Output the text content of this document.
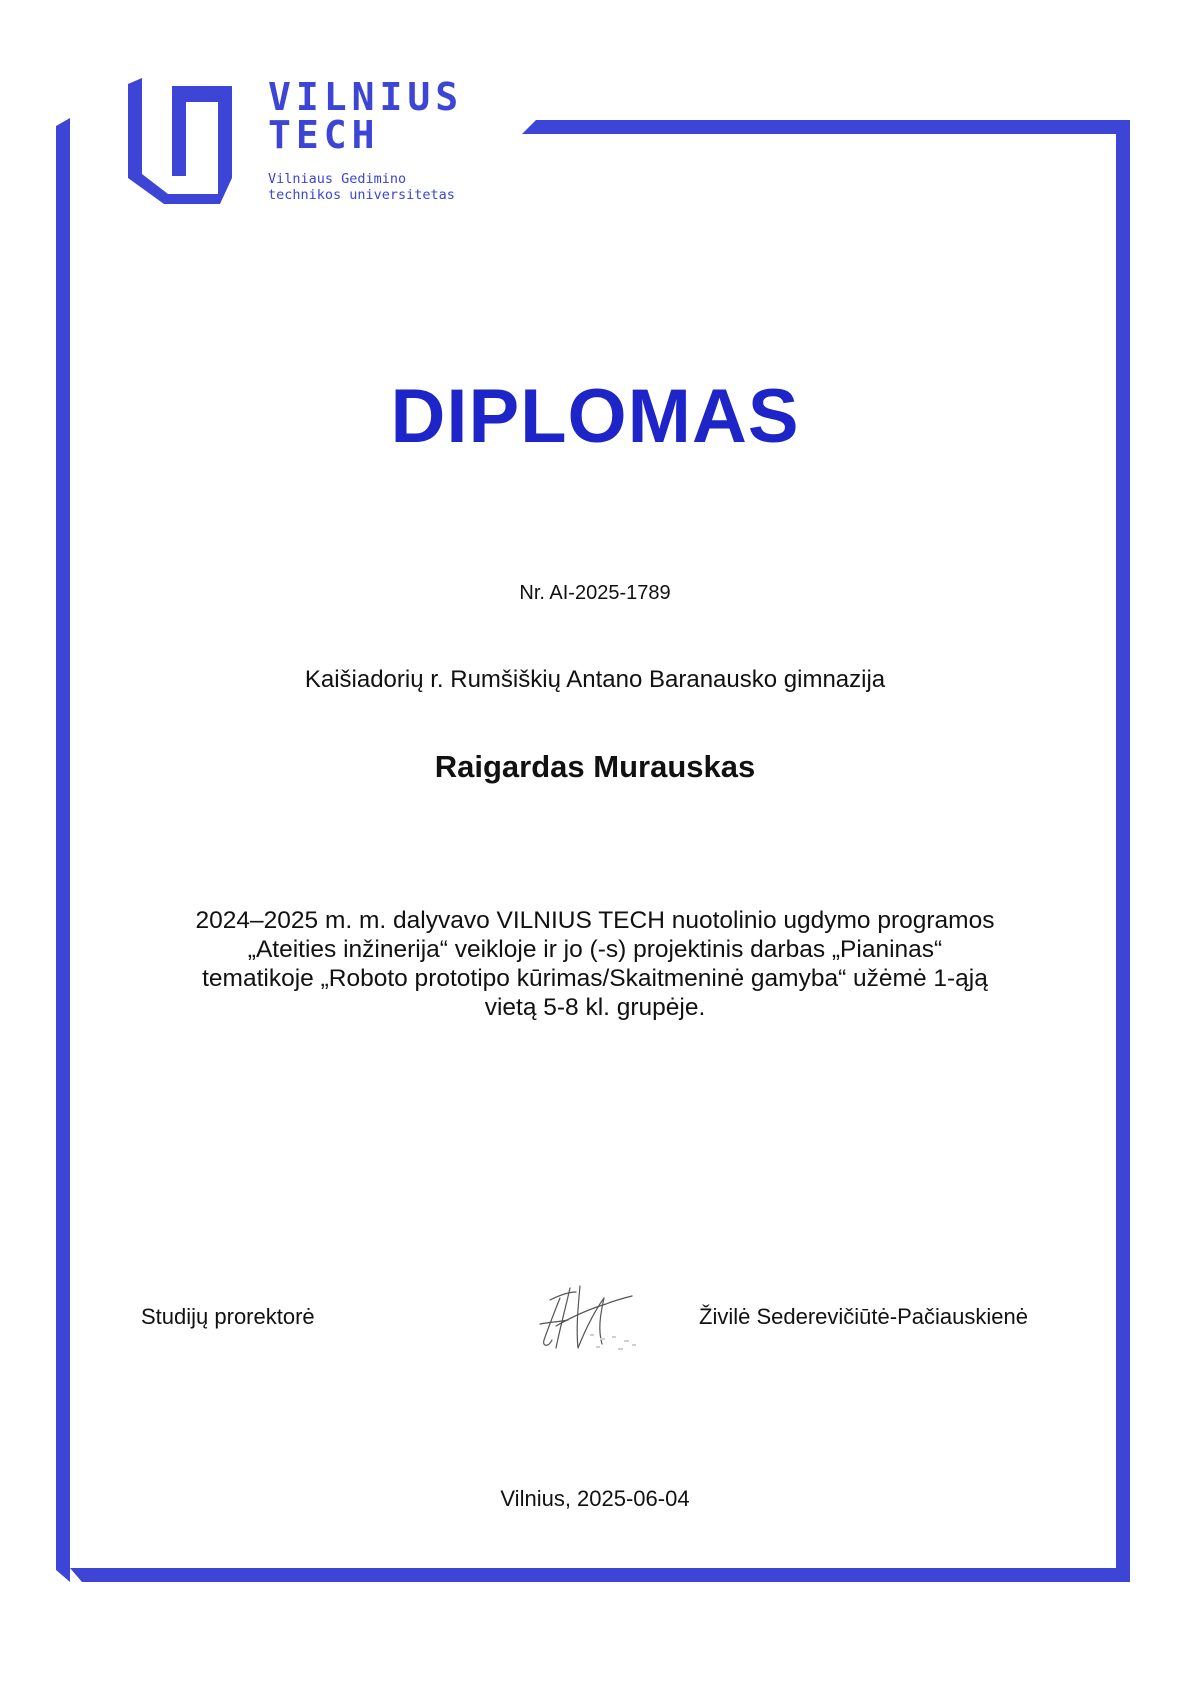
VILNIUS
TECH
Vilniaus Gedimino
technikos universitetas
DIPLOMAS
Nr. AI-2025-1789
Kaišiadorių r. Rumšiškių Antano Baranausko gimnazija
Raigardas Murauskas
2024–2025 m. m. dalyvavo VILNIUS TECH nuotolinio ugdymo programos
„Ateities inžinerija“ veikloje ir jo (-s) projektinis darbas „Pianinas“
tematikoje „Roboto prototipo kūrimas/Skaitmeninė gamyba“ užėmė 1-ąją
vietą 5-8 kl. grupėje.
Studijų prorektorė	Živilė Sederevičiūtė-Pačiauskienė
Vilnius, 2025-06-04
